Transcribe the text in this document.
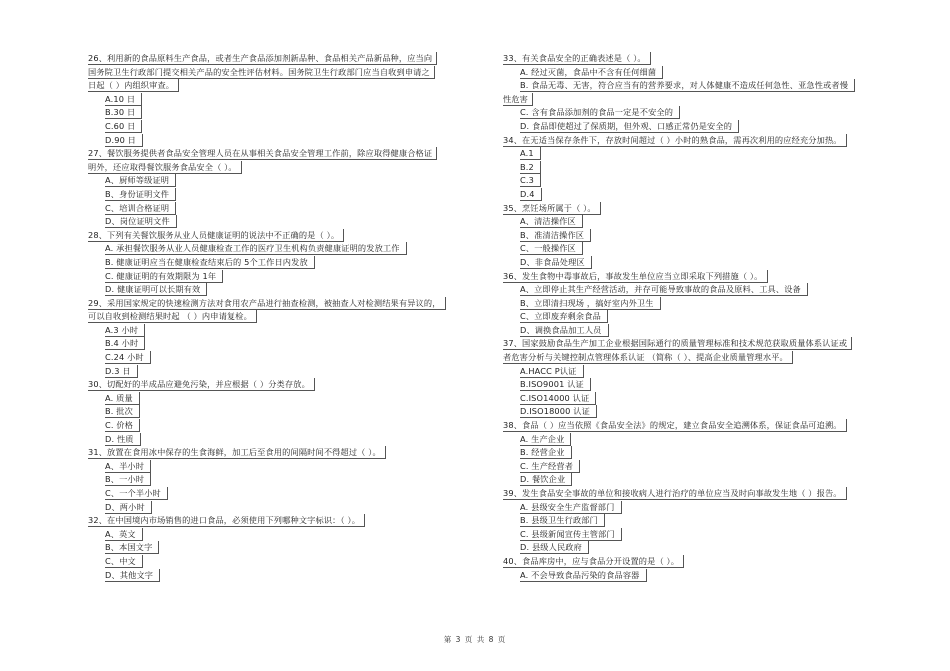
26、利用新的食品原料生产食品，或者生产食品添加剂新品种、食品相关产品新品种，应当向
国务院卫生行政部门提交相关产品的安全性评估材料。国务院卫生行政部门应当自收到申请之
日起（ ）内组织审查。
A.10 日
B.30 日
C.60 日
D.90 日
27、餐饮服务提供者食品安全管理人员在从事相关食品安全管理工作前，除应取得健康合格证
明外，还应取得餐饮服务食品安全（ ）。
A、厨师等级证明
B、身份证明文件
C、培训合格证明
D、岗位证明文件
28、下列有关餐饮服务从业人员健康证明的说法中不正确的是（ ）。
A. 承担餐饮服务从业人员健康检查工作的医疗卫生机构负责健康证明的发放工作
B. 健康证明应当在健康检查结束后的 5个工作日内发放
C. 健康证明的有效期限为 1年
D. 健康证明可以长期有效
29、采用国家规定的快速检测方法对食用农产品进行抽查检测，被抽查人对检测结果有异议的，
可以自收到检测结果时起 （ ）内申请复检。
A.3 小时
B.4 小时
C.24 小时
D.3 日
30、切配好的半成品应避免污染，并应根据（ ）分类存放。
A. 质量
B. 批次
C. 价格
D. 性质
31、放置在食用冰中保存的生食海鲜，加工后至食用的间隔时间不得超过（ ）。
A、半小时
B、一小时
C、一个半小时
D、两小时
32、在中国境内市场销售的进口食品，必须使用下列哪种文字标识：（ ）。
A、英文
B、本国文字
C、中文
D、其他文字
33、有关食品安全的正确表述是（ ）。
A. 经过灭菌，食品中不含有任何细菌
B. 食品无毒、无害，符合应当有的营养要求，对人体健康不造成任何急性、亚急性或者慢
性危害
C. 含有食品添加剂的食品一定是不安全的
D. 食品即使超过了保质期，但外观、口感正常仍是安全的
34、在无适当保存条件下，存放时间超过（ ）小时的熟食品，需再次利用的应经充分加热。
A.1
B.2
C.3
D.4
35、烹饪场所属于（ ）。
A、清洁操作区
B、准清洁操作区
C、一般操作区
D、非食品处理区
36、发生食物中毒事故后，事故发生单位应当立即采取下列措施（ ）。
A、立即停止其生产经营活动，并存可能导致事故的食品及原料、工具、设备
B、立即清扫现场 ，搞好室内外卫生
C、立即废弃剩余食品
D、调换食品加工人员
37、国家鼓励食品生产加工企业根据国际通行的质量管理标准和技术规范获取质量体系认证或
者危害分析与关键控制点管理体系认证 （简称（ ）、提高企业质量管理水平。
A.HACC P认证
B.ISO9001 认证
C.ISO14000 认证
D.ISO18000 认证
38、食品（ ）应当依照《食品安全法》的规定，建立食品安全追溯体系，保证食品可追溯。
A. 生产企业
B. 经营企业
C. 生产经营者
D. 餐饮企业
39、发生食品安全事故的单位和接收病人进行治疗的单位应当及时向事故发生地（ ）报告。
A. 县级安全生产监督部门
B. 县级卫生行政部门
C. 县级新闻宣传主管部门
D. 县级人民政府
40、食品库房中，应与食品分开设置的是（ ）。
A. 不会导致食品污染的食品容器
第 3 页 共 8 页
